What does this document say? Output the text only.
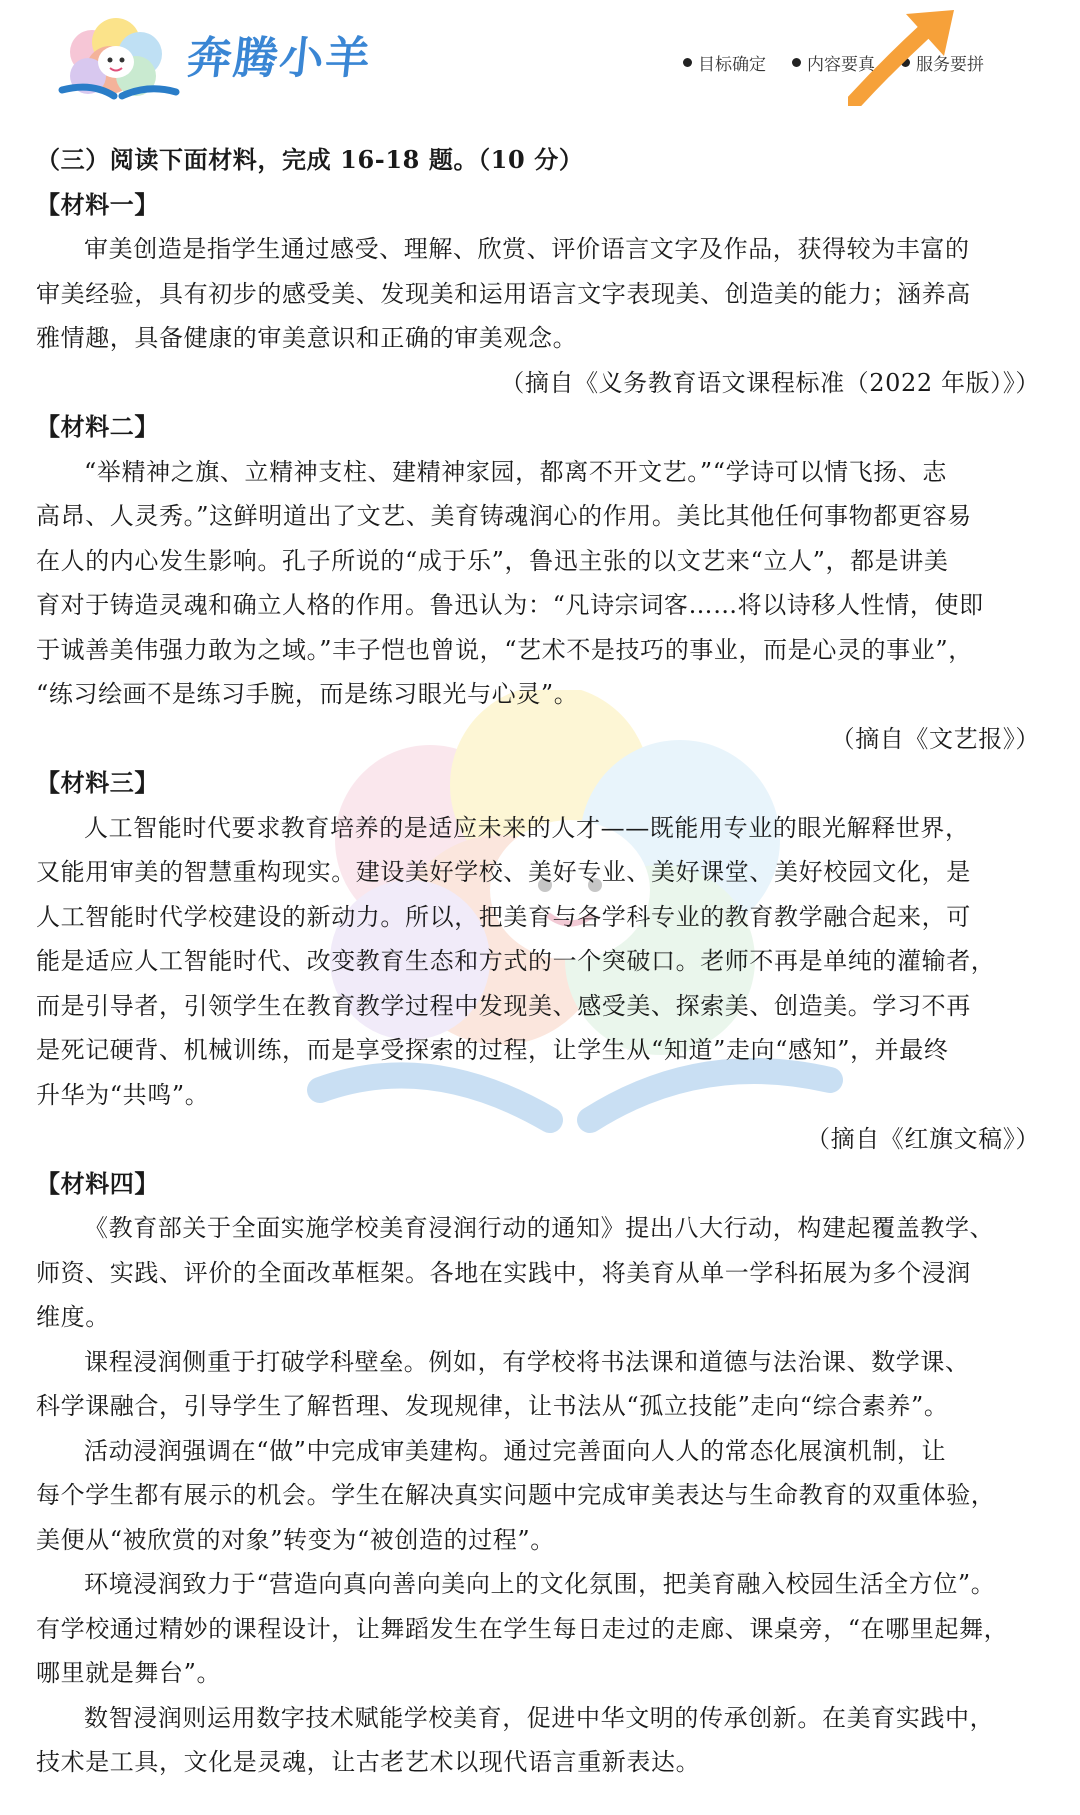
奔腾小羊	目标确定 内容要真 服务要拼
（三）阅读下面材料，完成 16-18 题。（10 分）
【材料一】
审美创造是指学生通过感受、理解、欣赏、评价语言文字及作品，获得较为丰富的
审美经验，具有初步的感受美、发现美和运用语言文字表现美、创造美的能力；涵养高
雅情趣，具备健康的审美意识和正确的审美观念。
（摘自《义务教育语文课程标准（2022 年版）》）
【材料二】
“举精神之旗、立精神支柱、建精神家园，都离不开文艺。”“学诗可以情飞扬、志
高昂、人灵秀。”这鲜明道出了文艺、美育铸魂润心的作用。美比其他任何事物都更容易
在人的内心发生影响。孔子所说的“成于乐”，鲁迅主张的以文艺来“立人”，都是讲美
育对于铸造灵魂和确立人格的作用。鲁迅认为：“凡诗宗词客……将以诗移人性情，使即
于诚善美伟强力敢为之域。”丰子恺也曾说，“艺术不是技巧的事业，而是心灵的事业”，
“练习绘画不是练习手腕，而是练习眼光与心灵”。
（摘自《文艺报》）
【材料三】
人工智能时代要求教育培养的是适应未来的人才——既能用专业的眼光解释世界，
又能用审美的智慧重构现实。建设美好学校、美好专业、美好课堂、美好校园文化，是
人工智能时代学校建设的新动力。所以，把美育与各学科专业的教育教学融合起来，可
能是适应人工智能时代、改变教育生态和方式的一个突破口。老师不再是单纯的灌输者，
而是引导者，引领学生在教育教学过程中发现美、感受美、探索美、创造美。学习不再
是死记硬背、机械训练，而是享受探索的过程，让学生从“知道”走向“感知”，并最终
升华为“共鸣”。
（摘自《红旗文稿》）
【材料四】
《教育部关于全面实施学校美育浸润行动的通知》提出八大行动，构建起覆盖教学、
师资、实践、评价的全面改革框架。各地在实践中，将美育从单一学科拓展为多个浸润
维度。
课程浸润侧重于打破学科壁垒。例如，有学校将书法课和道德与法治课、数学课、
科学课融合，引导学生了解哲理、发现规律，让书法从“孤立技能”走向“综合素养”。
活动浸润强调在“做”中完成审美建构。通过完善面向人人的常态化展演机制，让
每个学生都有展示的机会。学生在解决真实问题中完成审美表达与生命教育的双重体验，
美便从“被欣赏的对象”转变为“被创造的过程”。
环境浸润致力于“营造向真向善向美向上的文化氛围，把美育融入校园生活全方位”。
有学校通过精妙的课程设计，让舞蹈发生在学生每日走过的走廊、课桌旁，“在哪里起舞，
哪里就是舞台”。
数智浸润则运用数字技术赋能学校美育，促进中华文明的传承创新。在美育实践中，
技术是工具，文化是灵魂，让古老艺术以现代语言重新表达。
